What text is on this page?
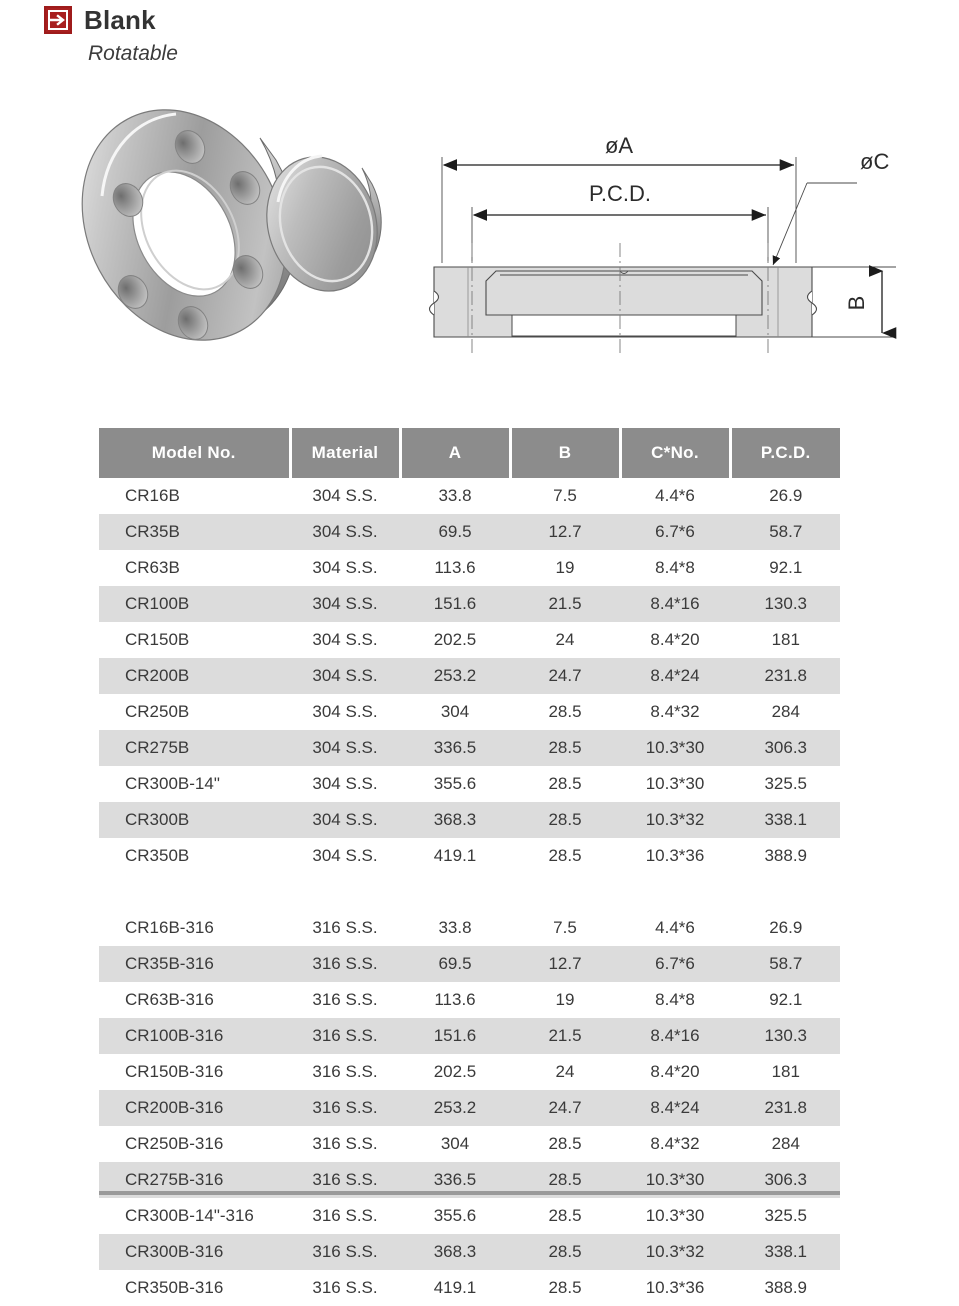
Blank
Rotatable
øA
P.C.D.
øC
B
Model No.	Material	A	B	C*No.	P.C.D.
CR16B	304 S.S.	33.8	7.5	4.4*6	26.9
CR35B	304 S.S.	69.5	12.7	6.7*6	58.7
CR63B	304 S.S.	113.6	19	8.4*8	92.1
CR100B	304 S.S.	151.6	21.5	8.4*16	130.3
CR150B	304 S.S.	202.5	24	8.4*20	181
CR200B	304 S.S.	253.2	24.7	8.4*24	231.8
CR250B	304 S.S.	304	28.5	8.4*32	284
CR275B	304 S.S.	336.5	28.5	10.3*30	306.3
CR300B-14"	304 S.S.	355.6	28.5	10.3*30	325.5
CR300B	304 S.S.	368.3	28.5	10.3*32	338.1
CR350B	304 S.S.	419.1	28.5	10.3*36	388.9

CR16B-316	316 S.S.	33.8	7.5	4.4*6	26.9
CR35B-316	316 S.S.	69.5	12.7	6.7*6	58.7
CR63B-316	316 S.S.	113.6	19	8.4*8	92.1
CR100B-316	316 S.S.	151.6	21.5	8.4*16	130.3
CR150B-316	316 S.S.	202.5	24	8.4*20	181
CR200B-316	316 S.S.	253.2	24.7	8.4*24	231.8
CR250B-316	316 S.S.	304	28.5	8.4*32	284
CR275B-316	316 S.S.	336.5	28.5	10.3*30	306.3
CR300B-14"-316	316 S.S.	355.6	28.5	10.3*30	325.5
CR300B-316	316 S.S.	368.3	28.5	10.3*32	338.1
CR350B-316	316 S.S.	419.1	28.5	10.3*36	388.9
